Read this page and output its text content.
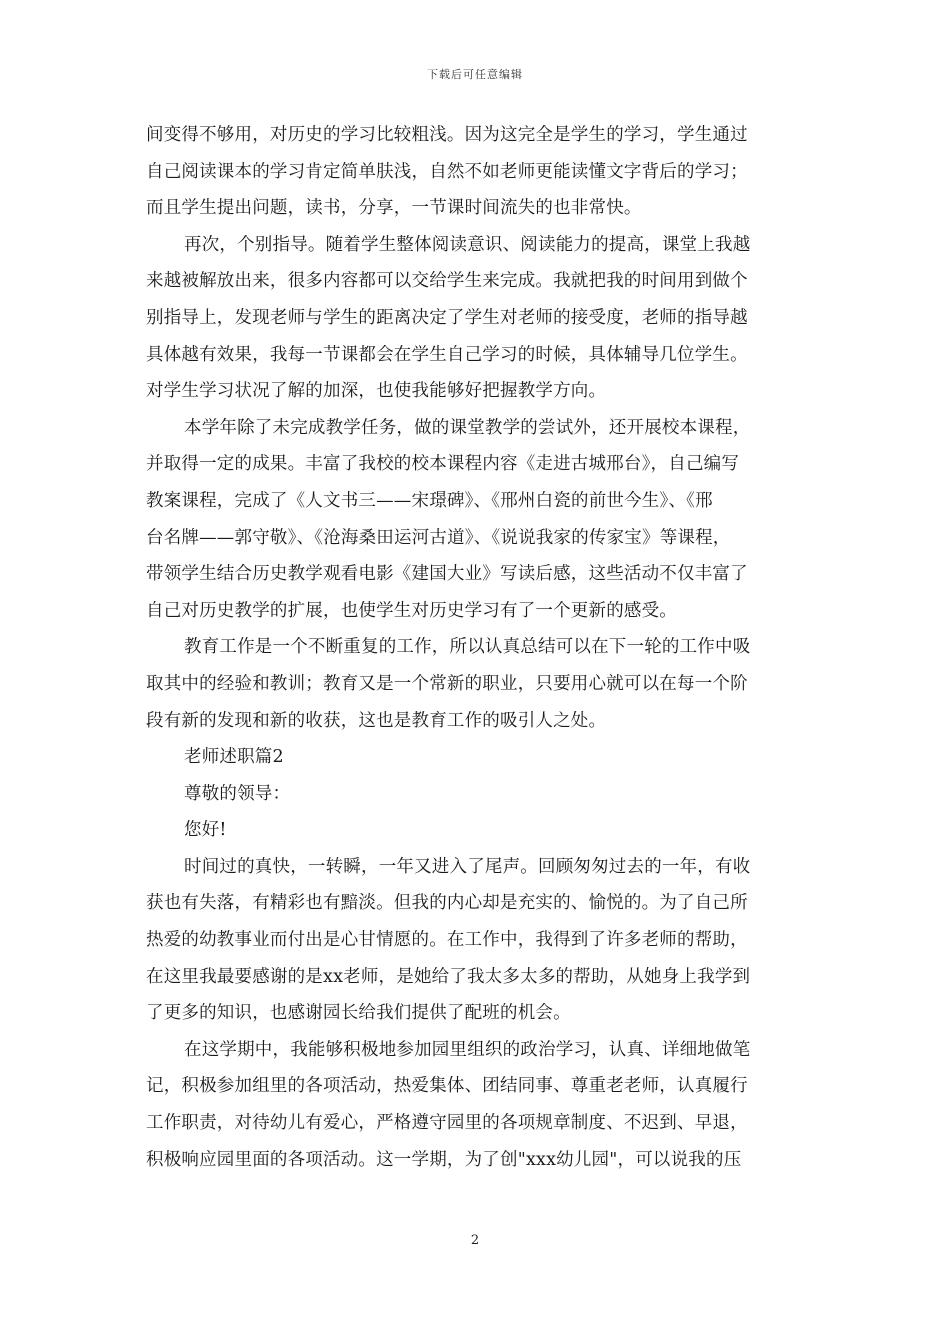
下载后可任意编辑
间变得不够用，对历史的学习比较粗浅。因为这完全是学生的学习，学生通过
自己阅读课本的学习肯定简单肤浅，自然不如老师更能读懂文字背后的学习；
而且学生提出问题，读书，分享，一节课时间流失的也非常快。
再次，个别指导。随着学生整体阅读意识、阅读能力的提高，课堂上我越
来越被解放出来，很多内容都可以交给学生来完成。我就把我的时间用到做个
别指导上，发现老师与学生的距离决定了学生对老师的接受度，老师的指导越
具体越有效果，我每一节课都会在学生自己学习的时候，具体辅导几位学生。
对学生学习状况了解的加深，也使我能够好把握教学方向。
本学年除了未完成教学任务，做的课堂教学的尝试外，还开展校本课程，
并取得一定的成果。丰富了我校的校本课程内容《走进古城邢台》，自己编写
教案课程，完成了《人文书三——宋璟碑》、《邢州白瓷的前世今生》、《邢
台名牌——郭守敬》、《沧海桑田运河古道》、《说说我家的传家宝》等课程，
带领学生结合历史教学观看电影《建国大业》写读后感，这些活动不仅丰富了
自己对历史教学的扩展，也使学生对历史学习有了一个更新的感受。
教育工作是一个不断重复的工作，所以认真总结可以在下一轮的工作中吸
取其中的经验和教训；教育又是一个常新的职业，只要用心就可以在每一个阶
段有新的发现和新的收获，这也是教育工作的吸引人之处。
老师述职篇2
尊敬的领导：
您好!
时间过的真快，一转瞬，一年又进入了尾声。回顾匆匆过去的一年，有收
获也有失落，有精彩也有黯淡。但我的内心却是充实的、愉悦的。为了自己所
热爱的幼教事业而付出是心甘情愿的。在工作中，我得到了许多老师的帮助，
在这里我最要感谢的是xx老师，是她给了我太多太多的帮助，从她身上我学到
了更多的知识，也感谢园长给我们提供了配班的机会。
在这学期中，我能够积极地参加园里组织的政治学习，认真、详细地做笔
记，积极参加组里的各项活动，热爱集体、团结同事、尊重老老师，认真履行
工作职责，对待幼儿有爱心，严格遵守园里的各项规章制度、不迟到、早退，
积极响应园里面的各项活动。这一学期，为了创"xxx幼儿园"，可以说我的压
2
